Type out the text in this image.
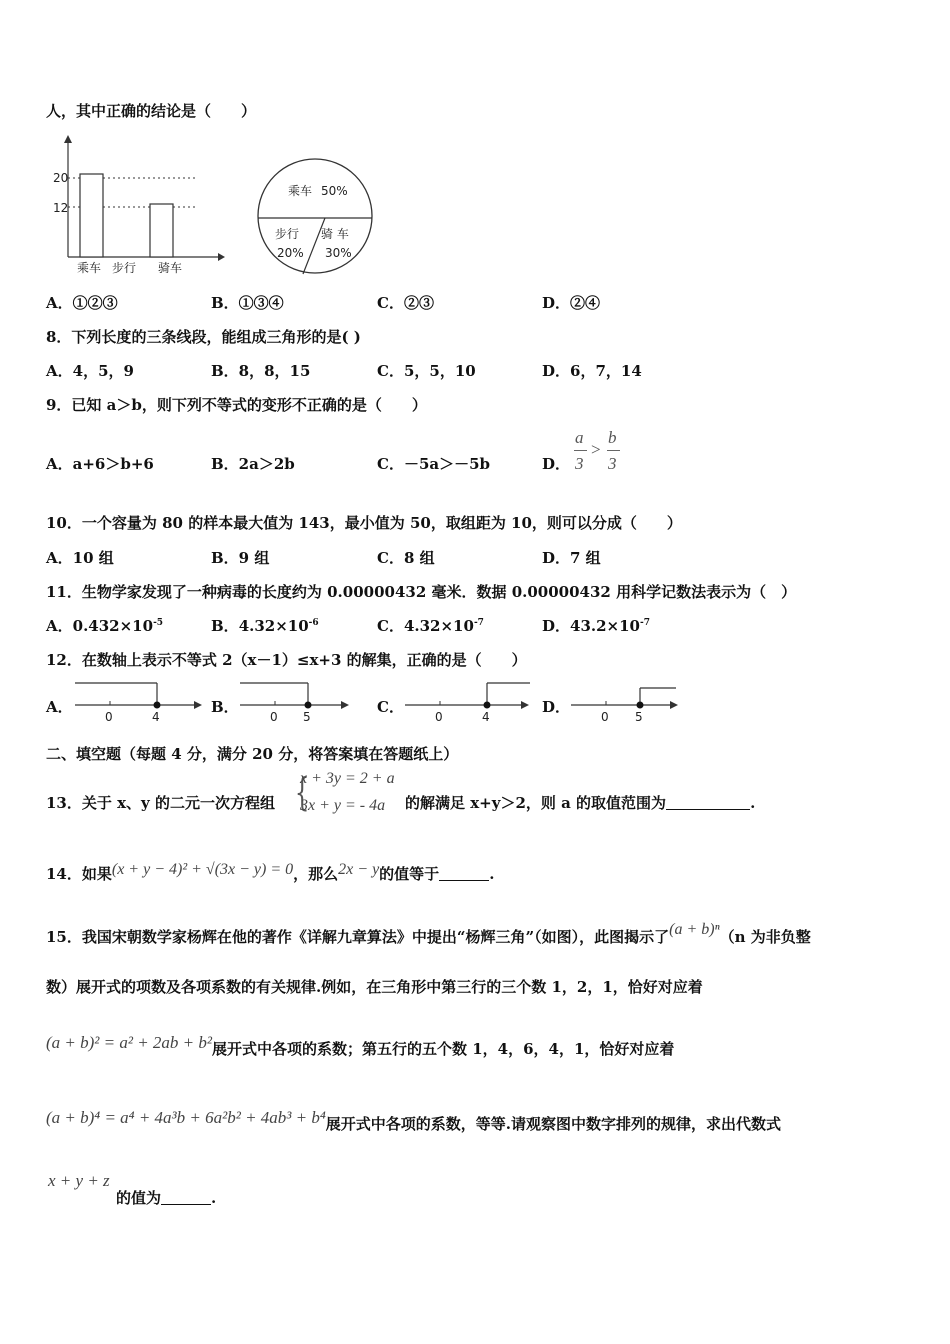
人，其中正确的结论是（　　）
20
12
乘车 步行 骑车
乘车 50%
步行
20%
骑 车
30%
A．①②③	B．①③④	C．②③	D．②④
8．下列长度的三条线段，能组成三角形的是( )
A．4，5，9	B．8，8，15	C．5，5，10	D．6，7，14
9．已知 a＞b，则下列不等式的变形不正确的是（　　）
A．a+6＞b+6	B．2a＞2b	C．－5a＞－5b	D．
a
3
>
b
3
10．一个容量为 80 的样本最大值为 143，最小值为 50，取组距为 10，则可以分成（　　）
A．10 组	B．9 组	C．8 组	D．7 组
11．生物学家发现了一种病毒的长度约为 0.00000432 毫米．数据 0.00000432 用科学记数法表示为（　）
A．$0.432\times 10^{-5}$	B．$4.32\times 10^{-6}$	C．$4.32\times 10^{-7}$	D．$43.2\times 10^{-7}$
12．在数轴上表示不等式 2（x－1）≤x+3 的解集，正确的是（　　）
A．
0	4
B．
0 5
C．
0	4
D．
0 5
二、填空题（每题 4 分，满分 20 分，将答案填在答题纸上）
13．关于 x、y 的二元一次方程组 {
x + 3y = 2 + a
3x + y = - 4a 的解满足 x+y＞2，则 a 的取值范围为	.
14．如果(x + y − 4)² + √(3x − y) = 0，那么2x − y的值等于	.
15．我国宋朝数学家杨辉在他的著作《详解九章算法》中提出“杨辉三角”（如图），此图揭示了(a + b)ⁿ（n 为非负整
数）展开式的项数及各项系数的有关规律.例如，在三角形中第三行的三个数 1，2，1，恰好对应着
(a + b)² = a² + 2ab + b²展开式中各项的系数；第五行的五个数 1，4，6，4，1，恰好对应着
(a + b)⁴ = a⁴ + 4a³b + 6a²b² + 4ab³ + b⁴展开式中各项的系数，等等.请观察图中数字排列的规律，求出代数式
x + y + z
的值为	.
